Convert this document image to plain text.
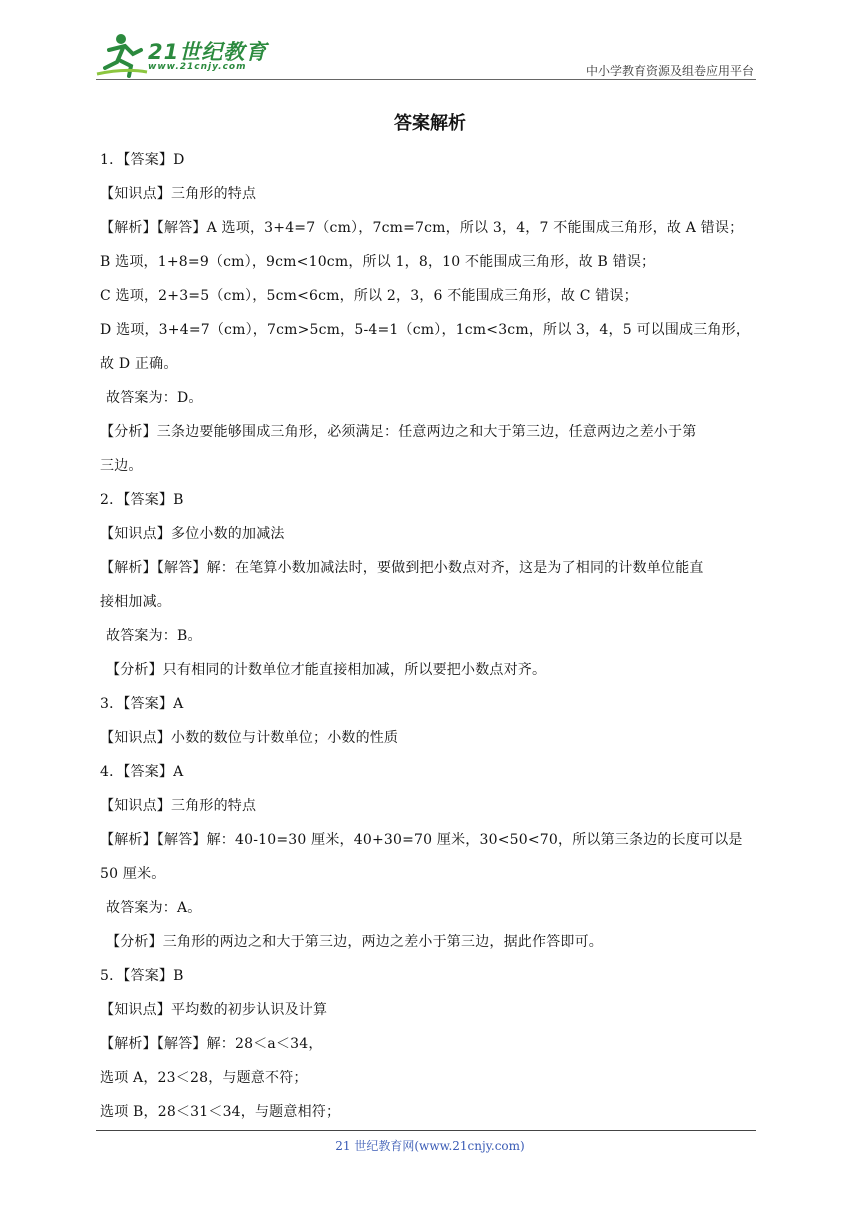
21世纪教育
www.21cnjy.com	中小学教育资源及组卷应用平台
答案解析
1．【答案】D
【知识点】三角形的特点
【解析】【解答】A 选项，3+4=7（cm），7cm=7cm，所以 3，4，7 不能围成三角形，故 A 错误；
B 选项，1+8=9（cm），9cm<10cm，所以 1，8，10 不能围成三角形，故 B 错误；
C 选项，2+3=5（cm），5cm<6cm，所以 2，3，6 不能围成三角形，故 C 错误；
D 选项，3+4=7（cm），7cm>5cm，5-4=1（cm），1cm<3cm，所以 3，4，5 可以围成三角形，
故 D 正确。
故答案为：D。
【分析】三条边要能够围成三角形，必须满足：任意两边之和大于第三边，任意两边之差小于第
三边。
2．【答案】B
【知识点】多位小数的加减法
【解析】【解答】解：在笔算小数加减法时，要做到把小数点对齐，这是为了相同的计数单位能直
接相加减。
故答案为：B。
【分析】只有相同的计数单位才能直接相加减，所以要把小数点对齐。
3．【答案】A
【知识点】小数的数位与计数单位；小数的性质
4．【答案】A
【知识点】三角形的特点
【解析】【解答】解：40-10=30 厘米，40+30=70 厘米，30<50<70，所以第三条边的长度可以是
50 厘米。
故答案为：A。
【分析】三角形的两边之和大于第三边，两边之差小于第三边，据此作答即可。
5．【答案】B
【知识点】平均数的初步认识及计算
【解析】【解答】解：28＜a＜34，
选项 A，23＜28，与题意不符；
选项 B，28＜31＜34，与题意相符；
21 世纪教育网(www.21cnjy.com)
